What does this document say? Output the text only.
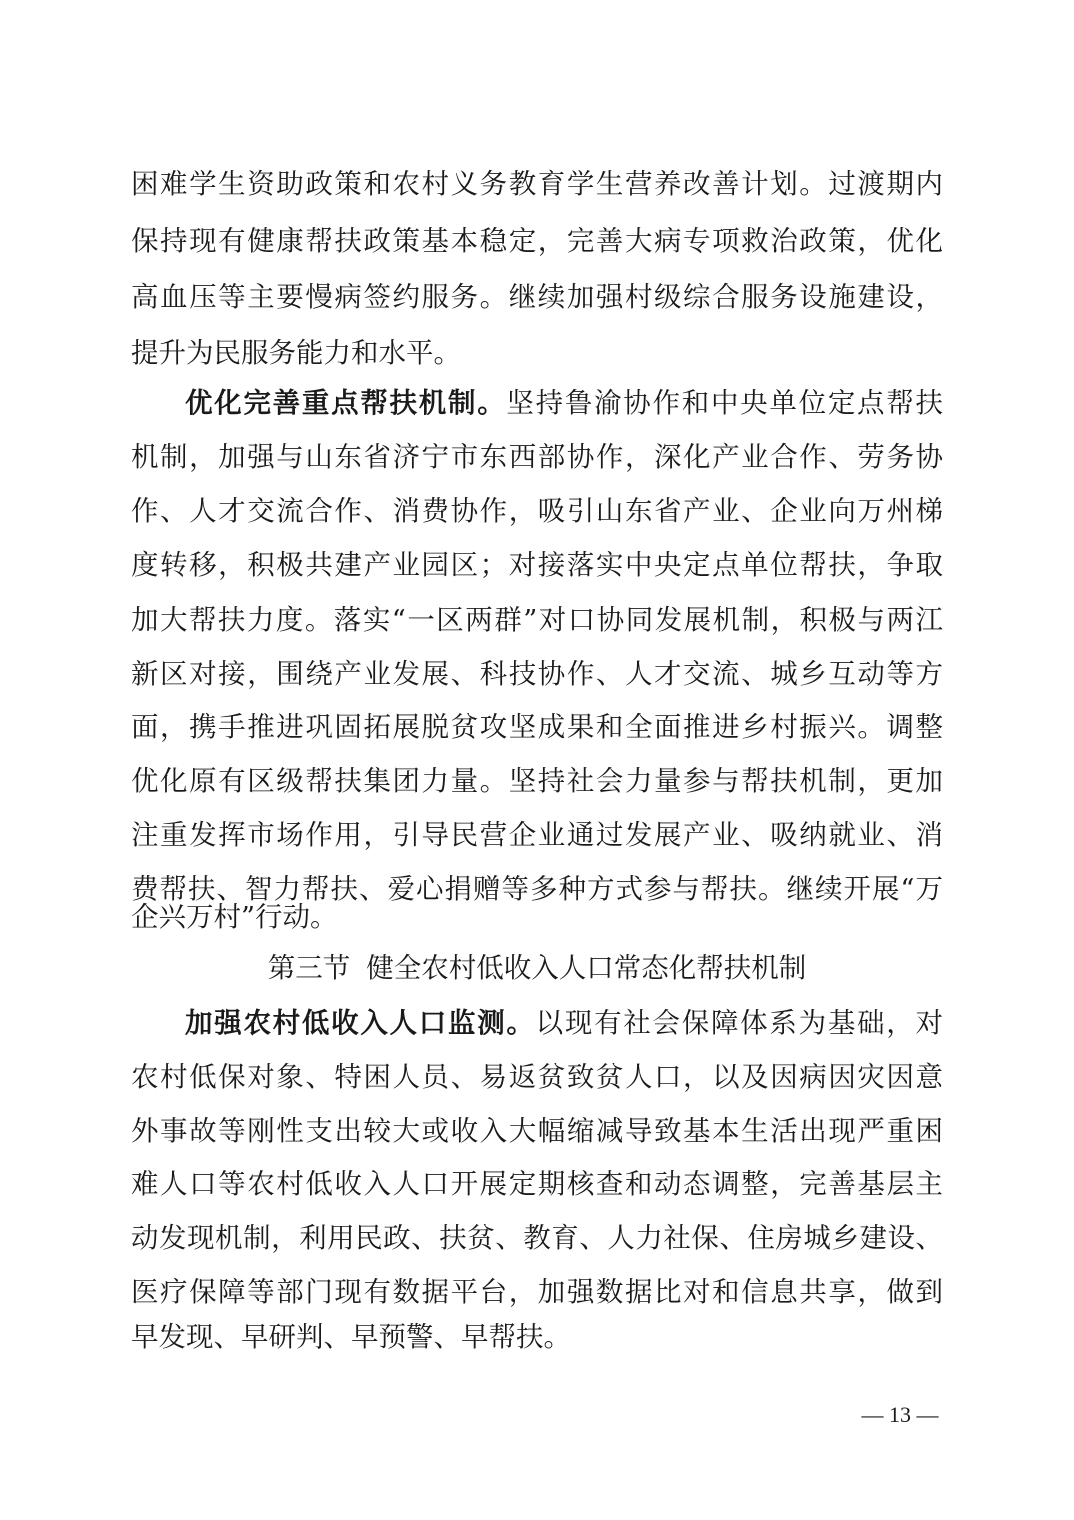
困难学生资助政策和农村义务教育学生营养改善计划。过渡期内
保持现有健康帮扶政策基本稳定，完善大病专项救治政策，优化
高血压等主要慢病签约服务。继续加强村级综合服务设施建设，
提升为民服务能力和水平。
优化完善重点帮扶机制。坚持鲁渝协作和中央单位定点帮扶
机制，加强与山东省济宁市东西部协作，深化产业合作、劳务协
作、人才交流合作、消费协作，吸引山东省产业、企业向万州梯
度转移，积极共建产业园区；对接落实中央定点单位帮扶，争取
加大帮扶力度。落实“一区两群”对口协同发展机制，积极与两江
新区对接，围绕产业发展、科技协作、人才交流、城乡互动等方
面，携手推进巩固拓展脱贫攻坚成果和全面推进乡村振兴。调整
优化原有区级帮扶集团力量。坚持社会力量参与帮扶机制，更加
注重发挥市场作用，引导民营企业通过发展产业、吸纳就业、消
费帮扶、智力帮扶、爱心捐赠等多种方式参与帮扶。继续开展“万
企兴万村”行动。
第三节 健全农村低收入人口常态化帮扶机制
加强农村低收入人口监测。以现有社会保障体系为基础，对
农村低保对象、特困人员、易返贫致贫人口，以及因病因灾因意
外事故等刚性支出较大或收入大幅缩减导致基本生活出现严重困
难人口等农村低收入人口开展定期核查和动态调整，完善基层主
动发现机制，利用民政、扶贫、教育、人力社保、住房城乡建设、
医疗保障等部门现有数据平台，加强数据比对和信息共享，做到
早发现、早研判、早预警、早帮扶。
— 13 —
